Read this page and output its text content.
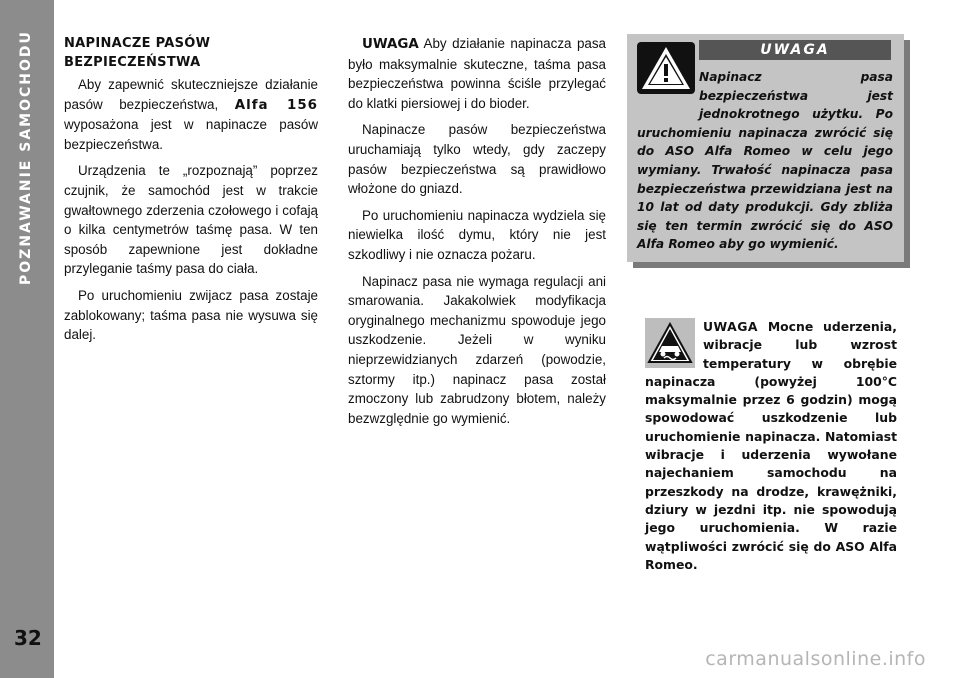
POZNAWANIE SAMOCHODU
32
NAPINACZE PASÓW
BEZPIECZEŃSTWA

Aby zapewnić skuteczniejsze działanie pasów bezpieczeństwa, Alfa 156 wyposażona jest w napinacze pasów bezpieczeństwa.

Urządzenia te „rozpoznają” poprzez czujnik, że samochód jest w trakcie gwałtownego zderzenia czołowego i cofają o kilka centymetrów taśmę pasa. W ten sposób zapewnione jest dokładne przyleganie taśmy pasa do ciała.

Po uruchomieniu zwijacz pasa zostaje zablokowany; taśma pasa nie wysuwa się dalej.

UWAGA Aby działanie napinacza pasa było maksymalnie skuteczne, taśma pasa bezpieczeństwa powinna ściśle przylegać do klatki piersiowej i do bioder.

Napinacze pasów bezpieczeństwa uruchamiają tylko wtedy, gdy zaczepy pasów bezpieczeństwa są prawidłowo włożone do gniazd.

Po uruchomieniu napinacza wydziela się niewielka ilość dymu, który nie jest szkodliwy i nie oznacza pożaru.

Napinacz pasa nie wymaga regulacji ani smarowania. Jakakolwiek modyfikacja oryginalnego mechanizmu spowoduje jego uszkodzenie. Jeżeli w wyniku nieprzewidzianych zdarzeń (powodzie, sztormy itp.) napinacz pasa został zmoczony lub zabrudzony błotem, należy bezwzględnie go wymienić.

UWAGA
Napinacz pasa bezpieczeństwa jest jednokrotnego użytku. Po uruchomieniu napinacza zwrócić się do ASO Alfa Romeo w celu jego wymiany. Trwałość napinacza pasa bezpieczeństwa przewidziana jest na 10 lat od daty produkcji. Gdy zbliża się ten termin zwrócić się do ASO Alfa Romeo aby go wymienić.
UWAGA Mocne uderzenia, wibracje lub wzrost temperatury w obrębie napinacza (powyżej 100°C maksymalnie przez 6 godzin) mogą spowodować uszkodzenie lub uruchomienie napinacza. Natomiast wibracje i uderzenia wywołane najechaniem samochodu na przeszkody na drodze, krawężniki, dziury w jezdni itp. nie spowodują jego uruchomienia. W razie wątpliwości zwrócić się do ASO Alfa Romeo.
carmanualsonline.info
